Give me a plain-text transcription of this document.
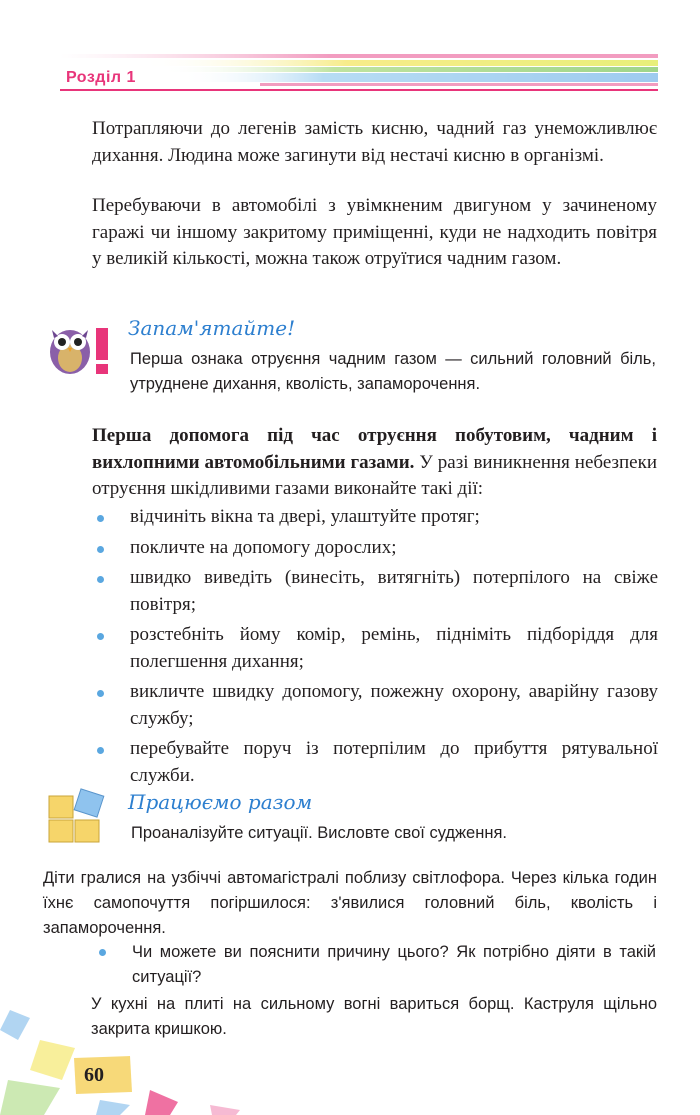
Розділ 1
Потрапляючи до легенів замість кисню, чадний газ унеможливлює дихання. Людина може загинути від нестачі кисню в організмі.
Перебуваючи в автомобілі з увімкненим двигуном у зачиненому гаражі чи іншому закритому приміщенні, куди не надходить повітря у великій кількості, можна також отруїтися чадним газом.
Запам'ятайте!
Перша ознака отруєння чадним газом — сильний головний біль, утруднене дихання, кволість, запаморочення.
Перша допомога під час отруєння побутовим, чадним і вихлопними автомобільними газами. У разі виникнення небезпеки отруєння шкідливими газами виконайте такі дії:
відчиніть вікна та двері, улаштуйте протяг;
покличте на допомогу дорослих;
швидко виведіть (винесіть, витягніть) потерпілого на свіже повітря;
розстебніть йому комір, ремінь, підніміть підборіддя для полегшення дихання;
викличте швидку допомогу, пожежну охорону, аварійну газову службу;
перебувайте поруч із потерпілим до прибуття рятувальної служби.
Працюємо разом
Проаналізуйте ситуації. Висловте свої судження.
Діти гралися на узбіччі автомагістралі поблизу світлофора. Через кілька годин їхнє самопочуття погіршилося: з'явилися головний біль, кволість і запаморочення.
Чи можете ви пояснити причину цього? Як потрібно діяти в такій ситуації?
У кухні на плиті на сильному вогні вариться борщ. Каструля щільно закрита кришкою.
60
